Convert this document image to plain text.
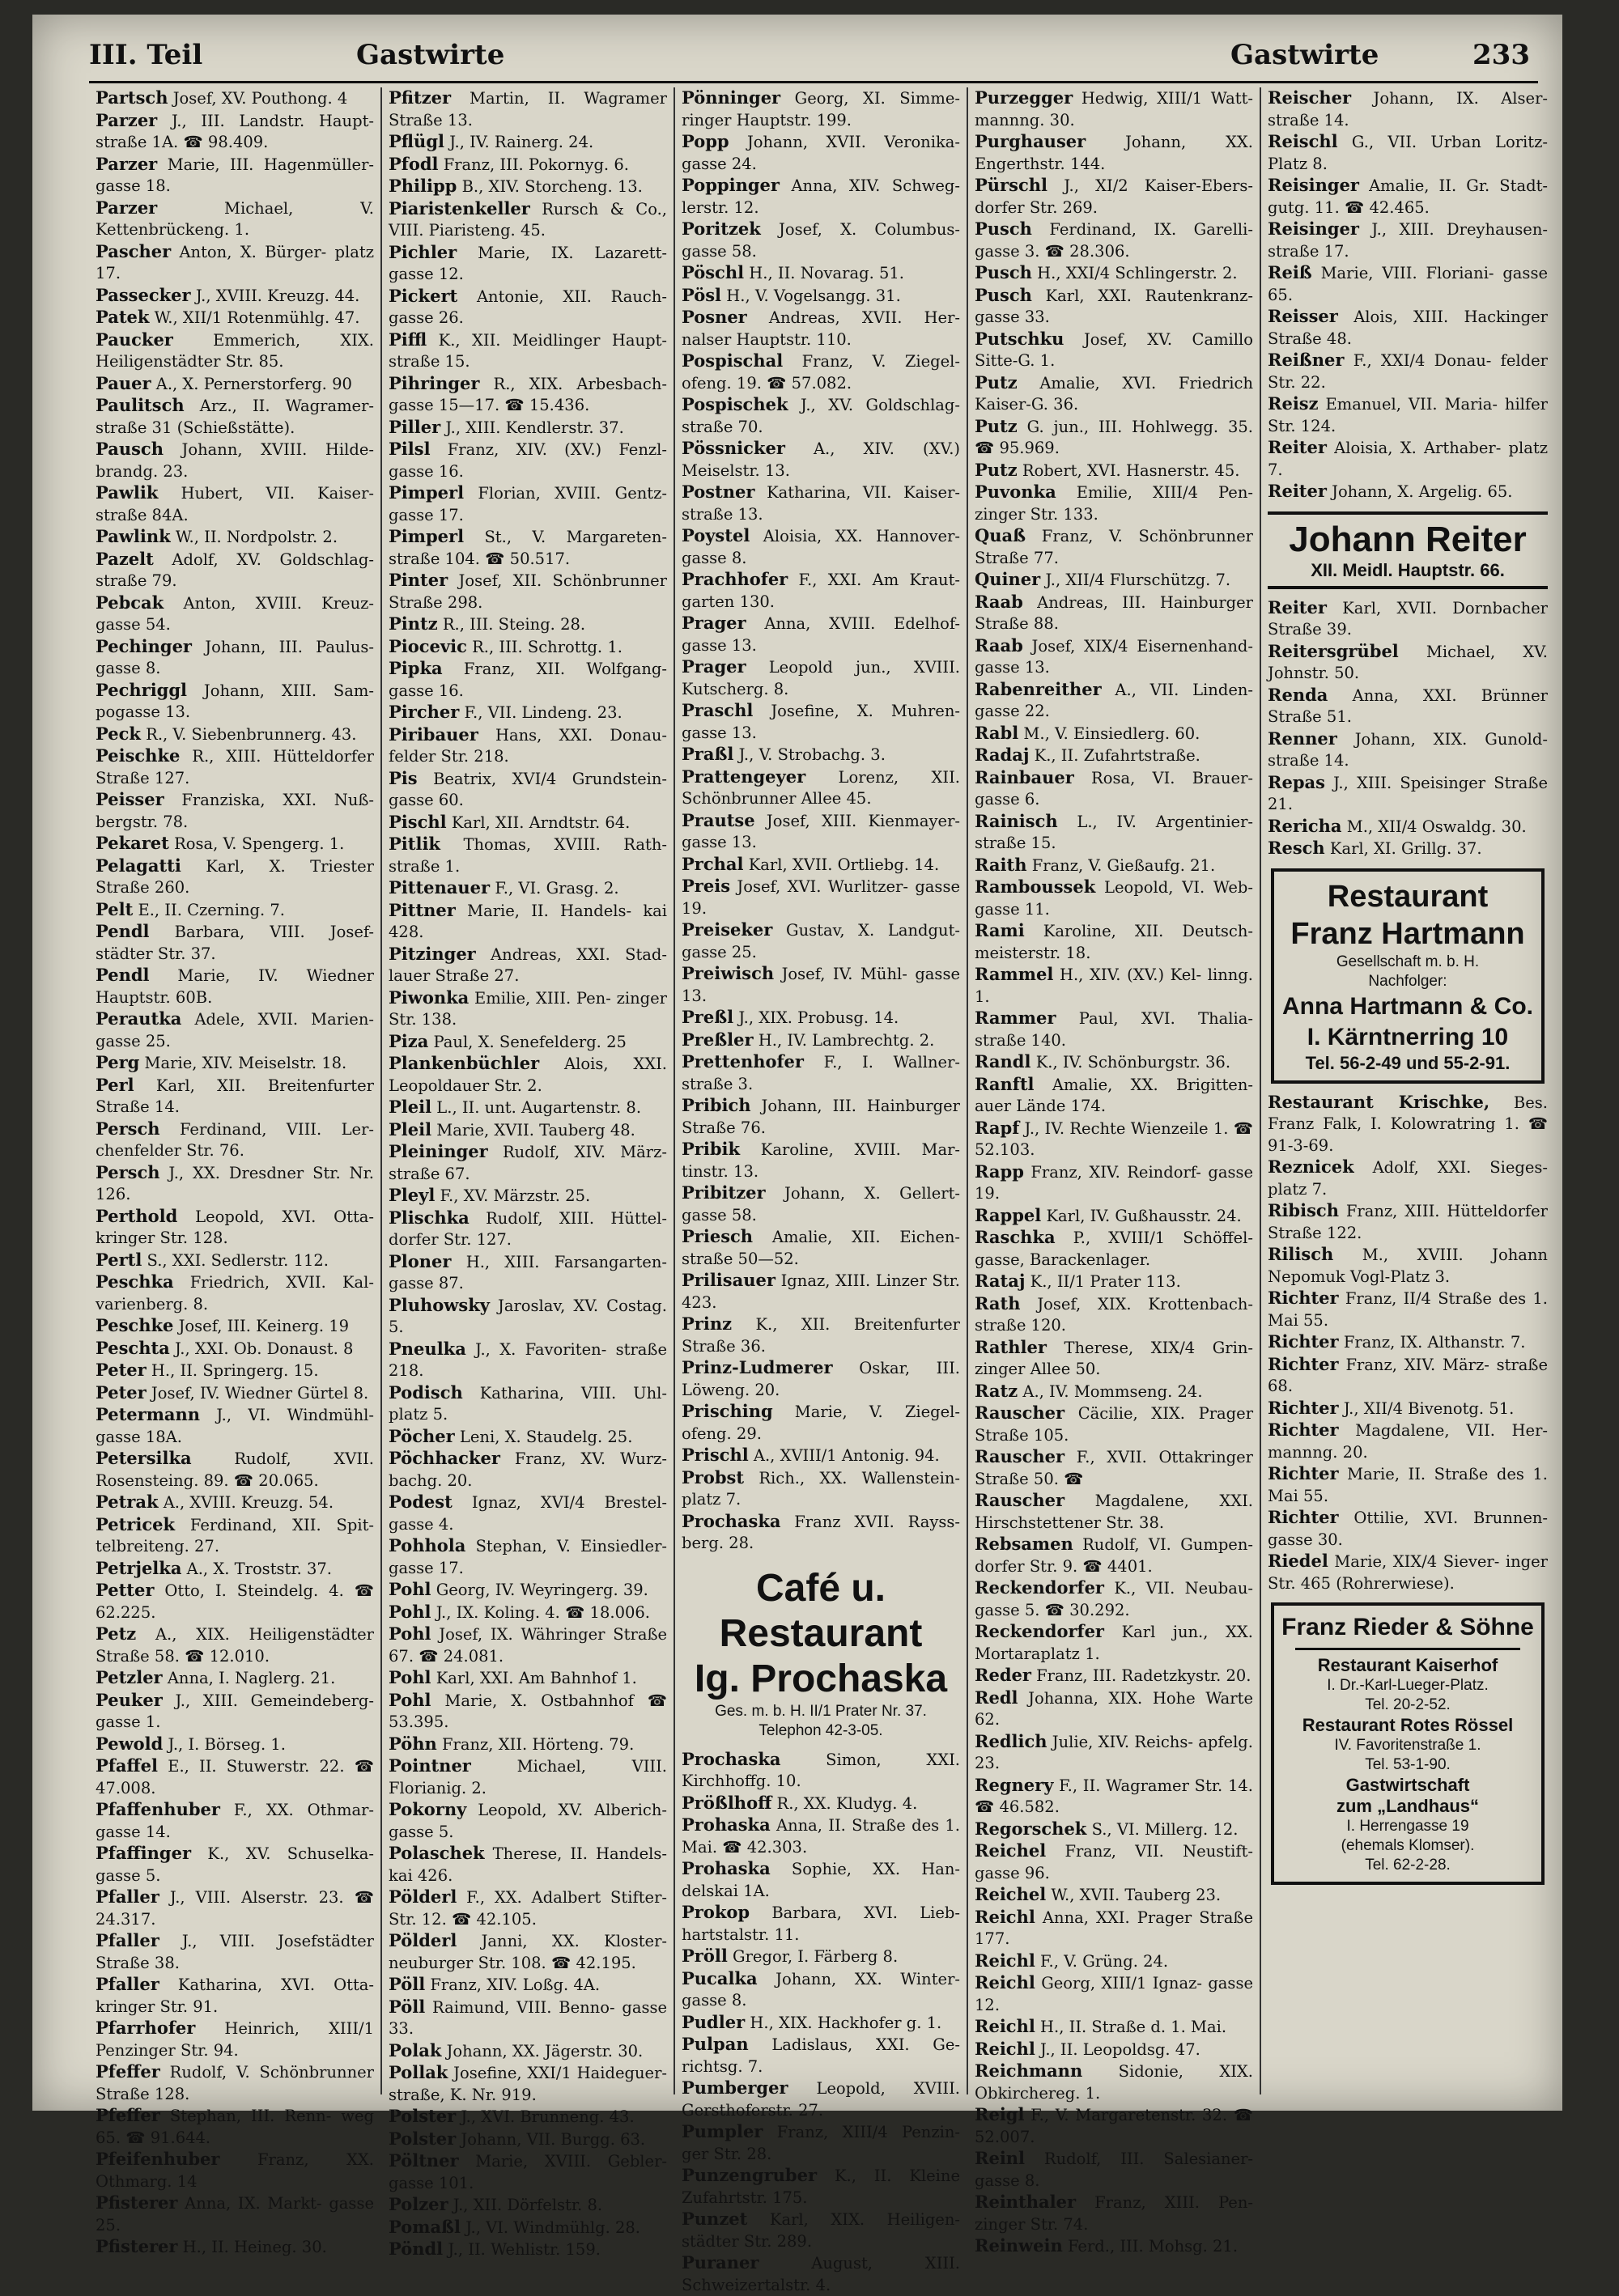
III. Teil	Gastwirte	Gastwirte	233

Partsch Josef, XV. Pouthong. 4

Parzer J., III. Landstr. Haupt- straße 1A. ☎ 98.409.

Parzer Marie, III. Hagenmüller- gasse 18.

Parzer	Michael, V. Kettenbrückeng. 1.

Pascher Anton, X. Bürger- platz 17.

Passecker J., XVIII. Kreuzg. 44.

Patek W., XII/1 Rotenmühlg. 47.

Paucker	Emmerich, XIX. Heiligenstädter Str. 85.

Pauer A., X. Pernerstorferg. 90

Paulitsch Arz., II. Wagramer- straße 31 (Schießstätte).

Pausch Johann, XVIII. Hilde- brandg. 23.

Pawlik Hubert, VII. Kaiser- straße 84A.

Pawlink W., II. Nordpolstr. 2.

Pazelt Adolf, XV. Goldschlag- straße 79.

Pebcak Anton, XVIII. Kreuz- gasse 54.

Pechinger Johann, III. Paulus- gasse 8.

Pechriggl Johann, XIII. Sam- pogasse 13.

Peck R., V. Siebenbrunnerg. 43.

Peischke R., XIII. Hütteldorfer Straße 127.

Peisser Franziska, XXI. Nuß- bergstr. 78.

Pekaret Rosa, V. Spengerg. 1.

Pelagatti Karl, X. Triester Straße 260.

Pelt E., II. Czerning. 7.

Pendl Barbara, VIII. Josef- städter Str. 37.

Pendl Marie, IV. Wiedner Hauptstr. 60B.

Perautka Adele, XVII. Marien- gasse 25.

Perg Marie, XIV. Meiselstr. 18.

Perl Karl, XII. Breitenfurter Straße 14.

Persch Ferdinand, VIII. Ler- chenfelder Str. 76.

Persch J., XX. Dresdner Str. Nr. 126.

Perthold Leopold, XVI. Otta- kringer Str. 128.

Pertl S., XXI. Sedlerstr. 112.

Peschka Friedrich, XVII. Kal- varienberg. 8.

Peschke Josef, III. Keinerg. 19

Peschta J., XXI. Ob. Donaust. 8

Peter H., II. Springerg. 15.

Peter Josef, IV. Wiedner Gürtel 8.

Petermann J., VI. Windmühl- gasse 18A.

Petersilka	Rudolf, XVII. Rosensteing. 89. ☎ 20.065.

Petrak A., XVIII. Kreuzg. 54.

Petricek Ferdinand, XII. Spit- telbreiteng. 27.

Petrjelka A., X. Troststr. 37.

Petter Otto, I. Steindelg. 4. ☎ 62.225.

Petz A., XIX. Heiligenstädter Straße 58. ☎ 12.010.

Petzler Anna, I. Naglerg. 21.

Peuker J., XIII. Gemeindeberg- gasse 1.

Pewold J., I. Börseg. 1.

Pfaffel E., II. Stuwerstr. 22. ☎ 47.008.

Pfaffenhuber F., XX. Othmar- gasse 14.

Pfaffinger K., XV. Schuselka- gasse 5.

Pfaller J., VIII. Alserstr. 23. ☎ 24.317.

Pfaller J., VIII. Josefstädter Straße 38.

Pfaller Katharina, XVI. Otta- kringer Str. 91.

Pfarrhofer Heinrich, XIII/1 Penzinger Str. 94.

Pfeffer Rudolf, V. Schönbrunner Straße 128.

Pfeffer Stephan, III. Renn- weg 65. ☎ 91.644.

Pfeifenhuber Franz, XX. Othmarg. 14

Pfisterer Anna, IX. Markt- gasse 25.

Pfisterer H., II. Heineg. 30.

Pfitzer Martin, II. Wagramer Straße 13.

Pflügl J., IV. Rainerg. 24.

Pfodl Franz, III. Pokornyg. 6.

Philipp B., XIV. Storcheng. 13.

Piaristenkeller Rursch & Co., VIII. Piaristeng. 45.

Pichler Marie, IX. Lazarett- gasse 12.

Pickert Antonie, XII. Rauch- gasse 26.

Piffl K., XII. Meidlinger Haupt- straße 15.

Pihringer R., XIX. Arbesbach- gasse 15—17. ☎ 15.436.

Piller J., XIII. Kendlerstr. 37.

Pilsl Franz, XIV. (XV.) Fenzl- gasse 16.

Pimperl Florian, XVIII. Gentz- gasse 17.

Pimperl St., V. Margareten- straße 104. ☎ 50.517.

Pinter Josef, XII. Schönbrunner Straße 298.

Pintz R., III. Steing. 28.

Piocevic R., III. Schrottg. 1.

Pipka Franz, XII. Wolfgang- gasse 16.

Pircher F., VII. Lindeng. 23.

Piribauer Hans, XXI. Donau- felder Str. 218.

Pis Beatrix, XVI/4 Grundstein- gasse 60.

Pischl Karl, XII. Arndtstr. 64.

Pitlik Thomas, XVIII. Rath- straße 1.

Pittenauer F., VI. Grasg. 2.

Pittner Marie, II. Handels- kai 428.

Pitzinger Andreas, XXI. Stad- lauer Straße 27.

Piwonka Emilie, XIII. Pen- zinger Str. 138.

Piza Paul, X. Senefelderg. 25

Plankenbüchler Alois, XXI. Leopoldauer Str. 2.

Pleil L., II. unt. Augartenstr. 8.

Pleil Marie, XVII. Tauberg 48.

Pleininger Rudolf, XIV. März- straße 67.

Pleyl F., XV. Märzstr. 25.

Plischka Rudolf, XIII. Hüttel- dorfer Str. 127.

Ploner H., XIII. Farsangarten- gasse 87.

Pluhowsky Jaroslav, XV. Costag. 5.

Pneulka J., X. Favoriten- straße 218.

Podisch Katharina, VIII. Uhl- platz 5.

Pöcher Leni, X. Staudelg. 25.

Pöchhacker Franz, XV. Wurz- bachg. 20.

Podest Ignaz, XVI/4 Brestel- gasse 4.

Pohhola Stephan, V. Einsiedler- gasse 17.

Pohl Georg, IV. Weyringerg. 39.

Pohl J., IX. Koling. 4. ☎ 18.006.

Pohl Josef, IX. Währinger Straße 67. ☎ 24.081.

Pohl Karl, XXI. Am Bahnhof 1.

Pohl Marie, X. Ostbahnhof ☎ 53.395.

Pöhn Franz, XII. Hörteng. 79.

Pointner	Michael, VIII. Florianig. 2.

Pokorny Leopold, XV. Alberich- gasse 5.

Polaschek Therese, II. Handels- kai 426.

Pölderl F., XX. Adalbert Stifter-Str. 12. ☎ 42.105.

Pölderl Janni, XX. Kloster- neuburger Str. 108. ☎ 42.195.

Pöll Franz, XIV. Loßg. 4A.

Pöll Raimund, VIII. Benno- gasse 33.

Polak Johann, XX. Jägerstr. 30.

Pollak Josefine, XXI/1 Haideguer- straße, K. Nr. 919.

Polster J., XVI. Brunneng. 43.

Polster Johann, VII. Burgg. 63.

Pöltner Marie, XVIII. Gebler- gasse 101.

Polzer J., XII. Dörfelstr. 8.

Pomaßl J., VI. Windmühlg. 28.

Pöndl J., II. Wehlistr. 159.

Pönninger Georg, XI. Simme- ringer Hauptstr. 199.

Popp Johann, XVII. Veronika- gasse 24.

Poppinger Anna, XIV. Schweg- lerstr. 12.

Poritzek Josef, X. Columbus- gasse 58.

Pöschl H., II. Novarag. 51.

Pösl H., V. Vogelsangg. 31.

Posner Andreas, XVII. Her- nalser Hauptstr. 110.

Pospischal Franz, V. Ziegel- ofeng. 19. ☎ 57.082.

Pospischek J., XV. Goldschlag- straße 70.

Pössnicker A., XIV. (XV.) Meiselstr. 13.

Postner Katharina, VII. Kaiser- straße 13.

Poystel Aloisia, XX. Hannover- gasse 8.

Prachhofer F., XXI. Am Kraut- garten 130.

Prager Anna, XVIII. Edelhof- gasse 13.

Prager Leopold jun., XVIII. Kutscherg. 8.

Praschl Josefine, X. Muhren- gasse 13.

Praßl J., V. Strobachg. 3.

Prattengeyer Lorenz, XII. Schönbrunner Allee 45.

Prautse Josef, XIII. Kienmayer- gasse 13.

Prchal Karl, XVII. Ortliebg. 14.

Preis Josef, XVI. Wurlitzer- gasse 19.

Preiseker Gustav, X. Landgut- gasse 25.

Preiwisch Josef, IV. Mühl- gasse 13.

Preßl J., XIX. Probusg. 14.

Preßler H., IV. Lambrechtg. 2.

Prettenhofer F., I. Wallner- straße 3.

Pribich Johann, III. Hainburger Straße 76.

Pribik Karoline, XVIII. Mar- tinstr. 13.

Pribitzer Johann, X. Gellert- gasse 58.

Priesch Amalie, XII. Eichen- straße 50—52.

Prilisauer Ignaz, XIII. Linzer Str. 423.

Prinz K., XII. Breitenfurter Straße 36.

Prinz-Ludmerer Oskar, III. Löweng. 20.

Prisching Marie, V. Ziegel- ofeng. 29.

Prischl A., XVIII/1 Antonig. 94.

Probst Rich., XX. Wallenstein- platz 7.

Prochaska Franz XVII. Rayss- berg. 28.

Café u. Restaurant
Ig. Prochaska
Ges. m. b. H. II/1 Prater Nr. 37.
Telephon 42-3-05.

Prochaska	Simon, XXI. Kirchhoffg. 10.

Prößlhoff R., XX. Kludyg. 4.

Prohaska Anna, II. Straße des 1. Mai. ☎ 42.303.

Prohaska Sophie, XX. Han- delskai 1A.

Prokop Barbara, XVI. Lieb- hartstalstr. 11.

Pröll Gregor, I. Färberg 8.

Pucalka Johann, XX. Winter- gasse 8.

Pudler H., XIX. Hackhofer g. 1.

Pulpan Ladislaus, XXI. Ge- richtsg. 7.

Pumberger Leopold, XVIII. Gersthoferstr. 27.

Pumpler Franz, XIII/4 Penzin- ger Str. 28.

Punzengruber K., II. Kleine Zufahrtstr. 175.

Punzet Karl, XIX. Heiligen- städter Str. 289.

Puraner	August, XIII. Schweizertalstr. 4.

Purzegger Hedwig, XIII/1 Watt- mannng. 30.

Purghauser	Johann, XX. Engerthstr. 144.

Pürschl J., XI/2 Kaiser-Ebers- dorfer Str. 269.

Pusch Ferdinand, IX. Garelli- gasse 3. ☎ 28.306.

Pusch H., XXI/4 Schlingerstr. 2.

Pusch Karl, XXI. Rautenkranz- gasse 33.

Putschku Josef, XV. Camillo Sitte-G. 1.

Putz Amalie, XVI. Friedrich Kaiser-G. 36.

Putz G. jun., III. Hohlwegg. 35. ☎ 95.969.

Putz Robert, XVI. Hasnerstr. 45.

Puvonka Emilie, XIII/4 Pen- zinger Str. 133.

Quaß Franz, V. Schönbrunner Straße 77.

Quiner J., XII/4 Flurschützg. 7.

Raab Andreas, III. Hainburger Straße 88.

Raab Josef, XIX/4 Eisernenhand- gasse 13.

Rabenreither A., VII. Linden- gasse 22.

Rabl M., V. Einsiedlerg. 60.

Radaj K., II. Zufahrtstraße.

Rainbauer Rosa, VI. Brauer- gasse 6.

Rainisch L., IV. Argentinier- straße 15.

Raith Franz, V. Gießaufg. 21.

Ramboussek Leopold, VI. Web- gasse 11.

Rami Karoline, XII. Deutsch- meisterstr. 18.

Rammel H., XIV. (XV.) Kel- linng. 1.

Rammer Paul, XVI. Thalia- straße 140.

Randl K., IV. Schönburgstr. 36.

Ranftl Amalie, XX. Brigitten- auer Lände 174.

Rapf J., IV. Rechte Wienzeile 1. ☎ 52.103.

Rapp Franz, XIV. Reindorf- gasse 19.

Rappel Karl, IV. Gußhausstr. 24.

Raschka P., XVIII/1 Schöffel- gasse, Barackenlager.

Rataj K., II/1 Prater 113.

Rath Josef, XIX. Krottenbach- straße 120.

Rathler Therese, XIX/4 Grin- zinger Allee 50.

Ratz A., IV. Mommseng. 24.

Rauscher Cäcilie, XIX. Prager Straße 105.

Rauscher F., XVII. Ottakringer Straße 50. ☎

Rauscher Magdalene, XXI. Hirschstettener Str. 38.

Rebsamen Rudolf, VI. Gumpen- dorfer Str. 9. ☎ 4401.

Reckendorfer K., VII. Neubau- gasse 5. ☎ 30.292.

Reckendorfer Karl jun., XX. Mortaraplatz 1.

Reder Franz, III. Radetzkystr. 20.

Redl Johanna, XIX. Hohe Warte 62.

Redlich Julie, XIV. Reichs- apfelg. 23.

Regnery F., II. Wagramer Str. 14. ☎ 46.582.

Regorschek S., VI. Millerg. 12.

Reichel Franz, VII. Neustift- gasse 96.

Reichel W., XVII. Tauberg 23.

Reichl Anna, XXI. Prager Straße 177.

Reichl F., V. Grüng. 24.

Reichl Georg, XIII/1 Ignaz- gasse 12.

Reichl H., II. Straße d. 1. Mai.

Reichl J., II. Leopoldsg. 47.

Reichmann Sidonie, XIX. Obkirchereg. 1.

Reigl F., V. Margaretenstr. 32. ☎ 52.007.

Reinl Rudolf, III. Salesianer- gasse 8.

Reinthaler Franz, XIII. Pen- zinger Str. 74.

Reinwein Ferd., III. Mohsg. 21.

Reischer Johann, IX. Alser- straße 14.

Reischl G., VII. Urban Loritz- Platz 8.

Reisinger Amalie, II. Gr. Stadt- gutg. 11. ☎ 42.465.

Reisinger J., XIII. Dreyhausen- straße 17.

Reiß Marie, VIII. Floriani- gasse 65.

Reisser Alois, XIII. Hackinger Straße 48.

Reißner F., XXI/4 Donau- felder Str. 22.

Reisz Emanuel, VII. Maria- hilfer Str. 124.

Reiter Aloisia, X. Arthaber- platz 7.

Reiter Johann, X. Argelig. 65.

Johann Reiter
XII. Meidl. Hauptstr. 66.

Reiter Karl, XVII. Dornbacher Straße 39.

Reitersgrübel Michael, XV. Johnstr. 50.

Renda Anna, XXI. Brünner Straße 51.

Renner Johann, XIX. Gunold- straße 14.

Repas J., XIII. Speisinger Straße 21.

Rericha M., XII/4 Oswaldg. 30.

Resch Karl, XI. Grillg. 37.

Restaurant
Franz Hartmann
Gesellschaft m. b. H.
Nachfolger:
Anna Hartmann & Co.
I. Kärntnerring 10
Tel. 56-2-49 und 55-2-91.

Restaurant Krischke, Bes. Franz Falk, I. Kolowratring 1. ☎ 91-3-69.

Reznicek Adolf, XXI. Sieges- platz 7.

Ribisch Franz, XIII. Hütteldorfer Straße 122.

Rilisch M., XVIII. Johann Nepomuk Vogl-Platz 3.

Richter Franz, II/4 Straße des 1. Mai 55.

Richter Franz, IX. Althanstr. 7.

Richter Franz, XIV. März- straße 68.

Richter J., XII/4 Bivenotg. 51.

Richter Magdalene, VII. Her- mannng. 20.

Richter Marie, II. Straße des 1. Mai 55.

Richter Ottilie, XVI. Brunnen- gasse 30.

Riedel Marie, XIX/4 Siever- inger Str. 465 (Rohrerwiese).

Franz Rieder & Söhne
Restaurant Kaiserhof
I. Dr.-Karl-Lueger-Platz.
Tel. 20-2-52.
Restaurant Rotes Rössel
IV. Favoritenstraße 1.
Tel. 53-1-90.
Gastwirtschaft
zum „Landhaus“
I. Herrengasse 19
(ehemals Klomser).
Tel. 62-2-28.
